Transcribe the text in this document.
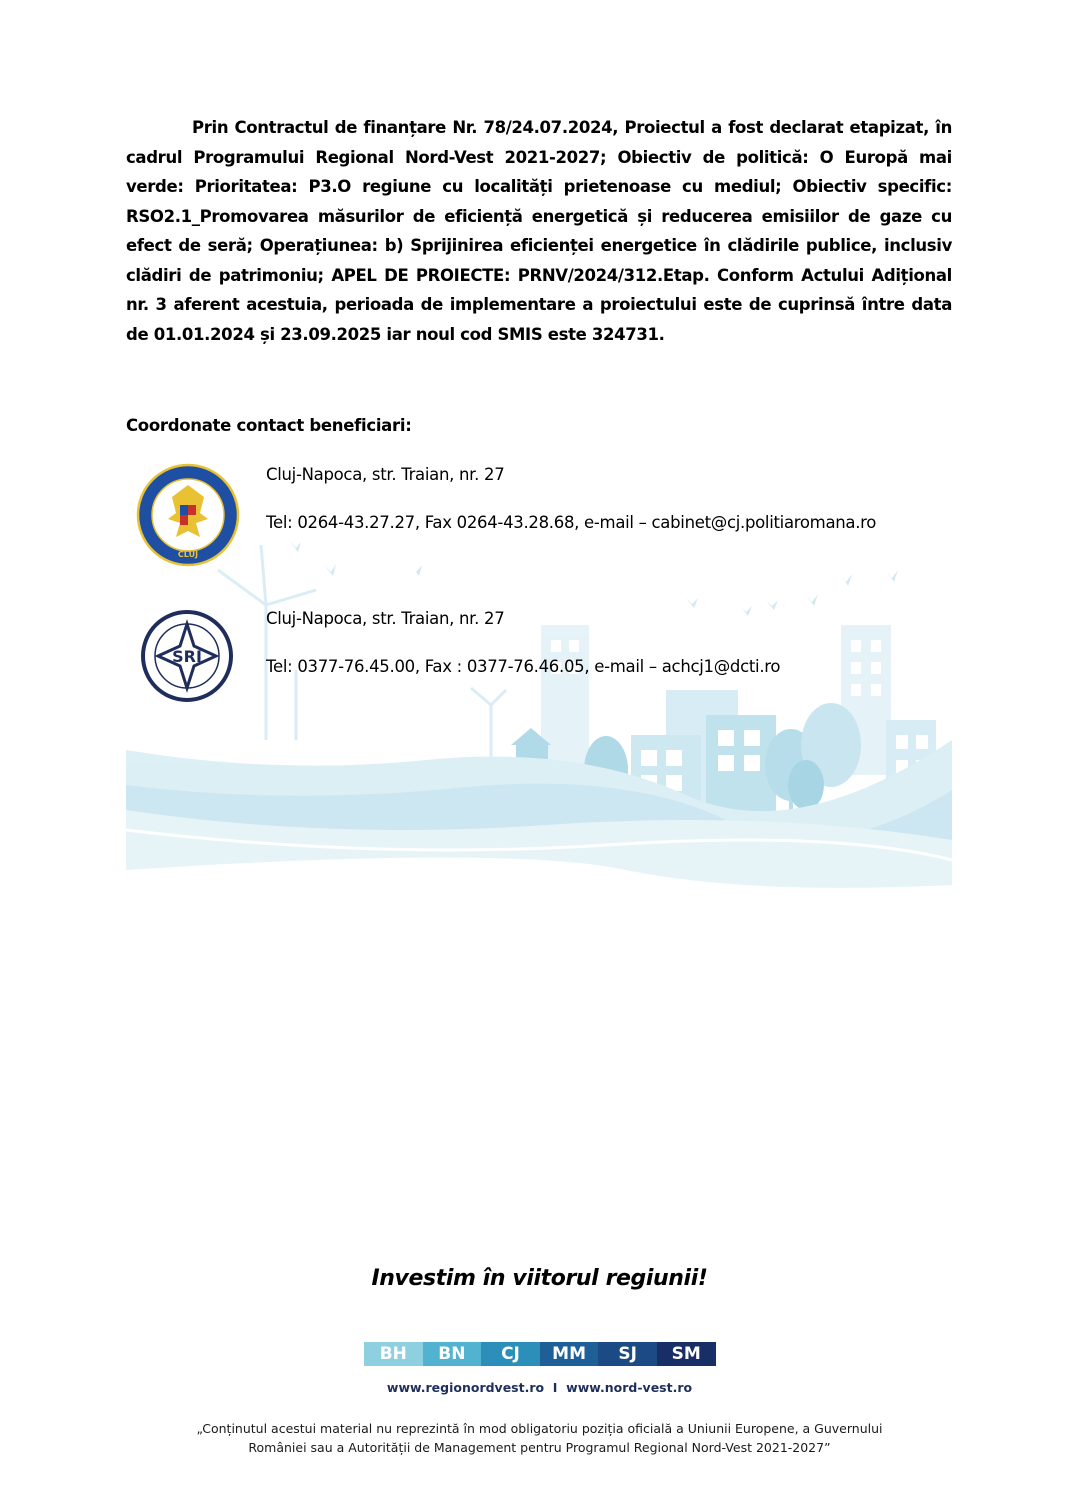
Prin Contractul de finanțare Nr. 78/24.07.2024, Proiectul a fost declarat etapizat, în cadrul Programului Regional Nord-Vest 2021-2027; Obiectiv de politică: O Europă mai verde: Prioritatea: P3.O regiune cu localități prietenoase cu mediul; Obiectiv specific: RSO2.1_Promovarea măsurilor de eficiență energetică și reducerea emisiilor de gaze cu efect de seră; Operațiunea: b) Sprijinirea eficienței energetice în clădirile publice, inclusiv clădiri de patrimoniu; APEL DE PROIECTE: PRNV/2024/312.Etap. Conform Actului Adițional nr. 3 aferent acestuia, perioada de implementare a proiectului este de cuprinsă între data de 01.01.2024 și 23.09.2025 iar noul cod SMIS este 324731.

Coordonate contact beneficiari:

CLUJ

Cluj-Napoca, str. Traian, nr. 27

Tel: 0264-43.27.27, Fax 0264-43.28.68, e-mail – cabinet@cj.politiaromana.ro

SRI

Cluj-Napoca, str. Traian, nr. 27

Tel: 0377-76.45.00, Fax : 0377-76.46.05, e-mail – achcj1@dcti.ro

Investim în viitorul regiunii!

BH	BN	CJ	MM	SJ	SM

www.regionordvest.ro  I  www.nord-vest.ro

„Conținutul acestui material nu reprezintă în mod obligatoriu poziția oficială a Uniunii Europene, a Guvernului
României sau a Autorității de Management pentru Programul Regional Nord-Vest 2021-2027”
